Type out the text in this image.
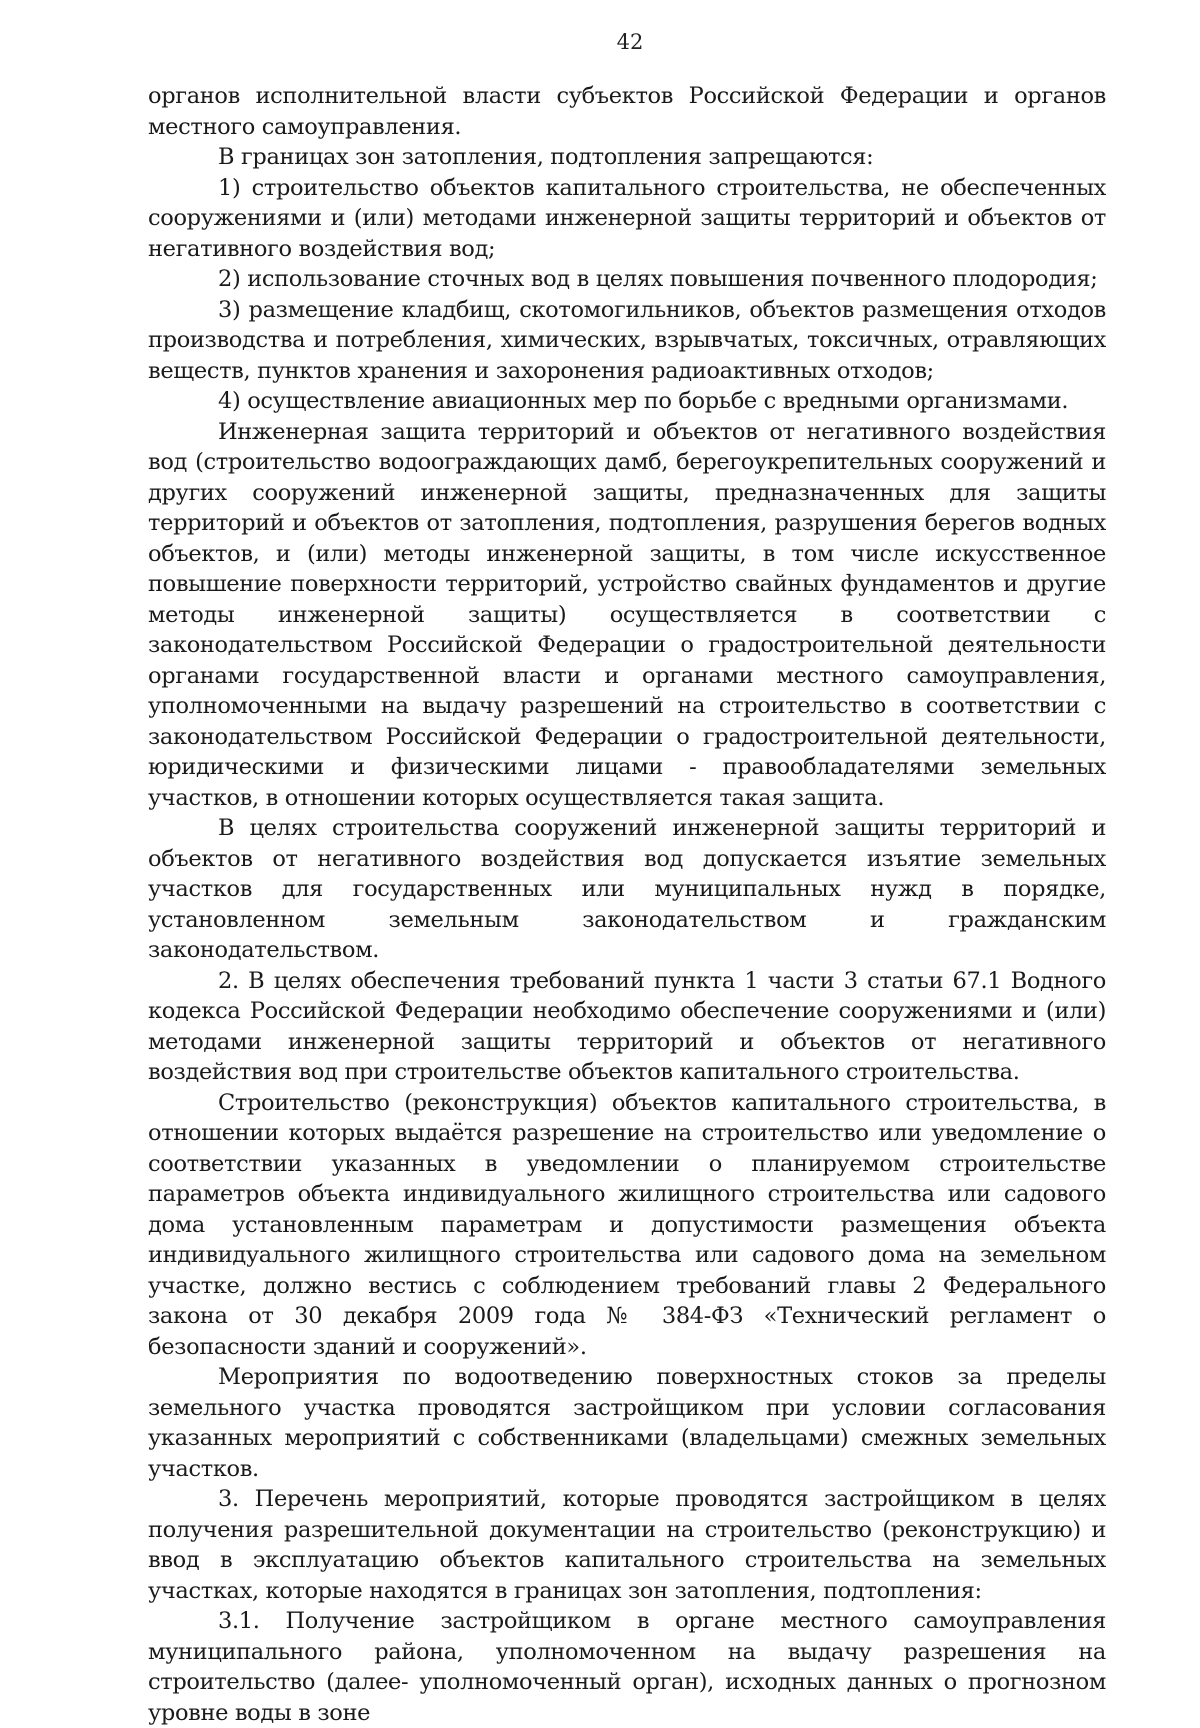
42

органов исполнительной власти субъектов Российской Федерации и органов местного самоуправления.

В границах зон затопления, подтопления запрещаются:

1) строительство объектов капитального строительства, не обеспеченных сооружениями и (или) методами инженерной защиты территорий и объектов от негативного воздействия вод;

2) использование сточных вод в целях повышения почвенного плодородия;

3) размещение кладбищ, скотомогильников, объектов размещения отходов производства и потребления, химических, взрывчатых, токсичных, отравляющих веществ, пунктов хранения и захоронения радиоактивных отходов;

4) осуществление авиационных мер по борьбе с вредными организмами.

Инженерная защита территорий и объектов от негативного воздействия вод (строительство водоограждающих дамб, берегоукрепительных сооружений и других сооружений инженерной защиты, предназначенных для защиты территорий и объектов от затопления, подтопления, разрушения берегов водных объектов, и (или) методы инженерной защиты, в том числе искусственное повышение поверхности территорий, устройство свайных фундаментов и другие методы инженерной защиты) осуществляется в соответствии с законодательством Российской Федерации о градостроительной деятельности органами государственной власти и органами местного самоуправления, уполномоченными на выдачу разрешений на строительство в соответствии с законодательством Российской Федерации о градостроительной деятельности, юридическими и физическими лицами - правообладателями земельных участков, в отношении которых осуществляется такая защита.

В целях строительства сооружений инженерной защиты территорий и объектов от негативного воздействия вод допускается изъятие земельных участков для государственных или муниципальных нужд в порядке, установленном земельным законодательством и гражданским законодательством.

2. В целях обеспечения требований пункта 1 части 3 статьи 67.1 Водного кодекса Российской Федерации необходимо обеспечение сооружениями и (или) методами инженерной защиты территорий и объектов от негативного воздействия вод при строительстве объектов капитального строительства.

Строительство (реконструкция) объектов капитального строительства, в отношении которых выдаётся разрешение на строительство или уведомление о соответствии указанных в уведомлении о планируемом строительстве параметров объекта индивидуального жилищного строительства или садового дома установленным параметрам и допустимости размещения объекта индивидуального жилищного строительства или садового дома на земельном участке, должно вестись с соблюдением требований главы 2 Федерального закона от 30 декабря 2009 года № 384-ФЗ «Технический регламент о безопасности зданий и сооружений».

Мероприятия по водоотведению поверхностных стоков за пределы земельного участка проводятся застройщиком при условии согласования указанных мероприятий с собственниками (владельцами) смежных земельных участков.

3. Перечень мероприятий, которые проводятся застройщиком в целях получения разрешительной документации на строительство (реконструкцию) и ввод в эксплуатацию объектов капитального строительства на земельных участках, которые находятся в границах зон затопления, подтопления:

3.1. Получение застройщиком в органе местного самоуправления муниципального района, уполномоченном на выдачу разрешения на строительство (далее- уполномоченный орган), исходных данных о прогнозном уровне воды в зоне
